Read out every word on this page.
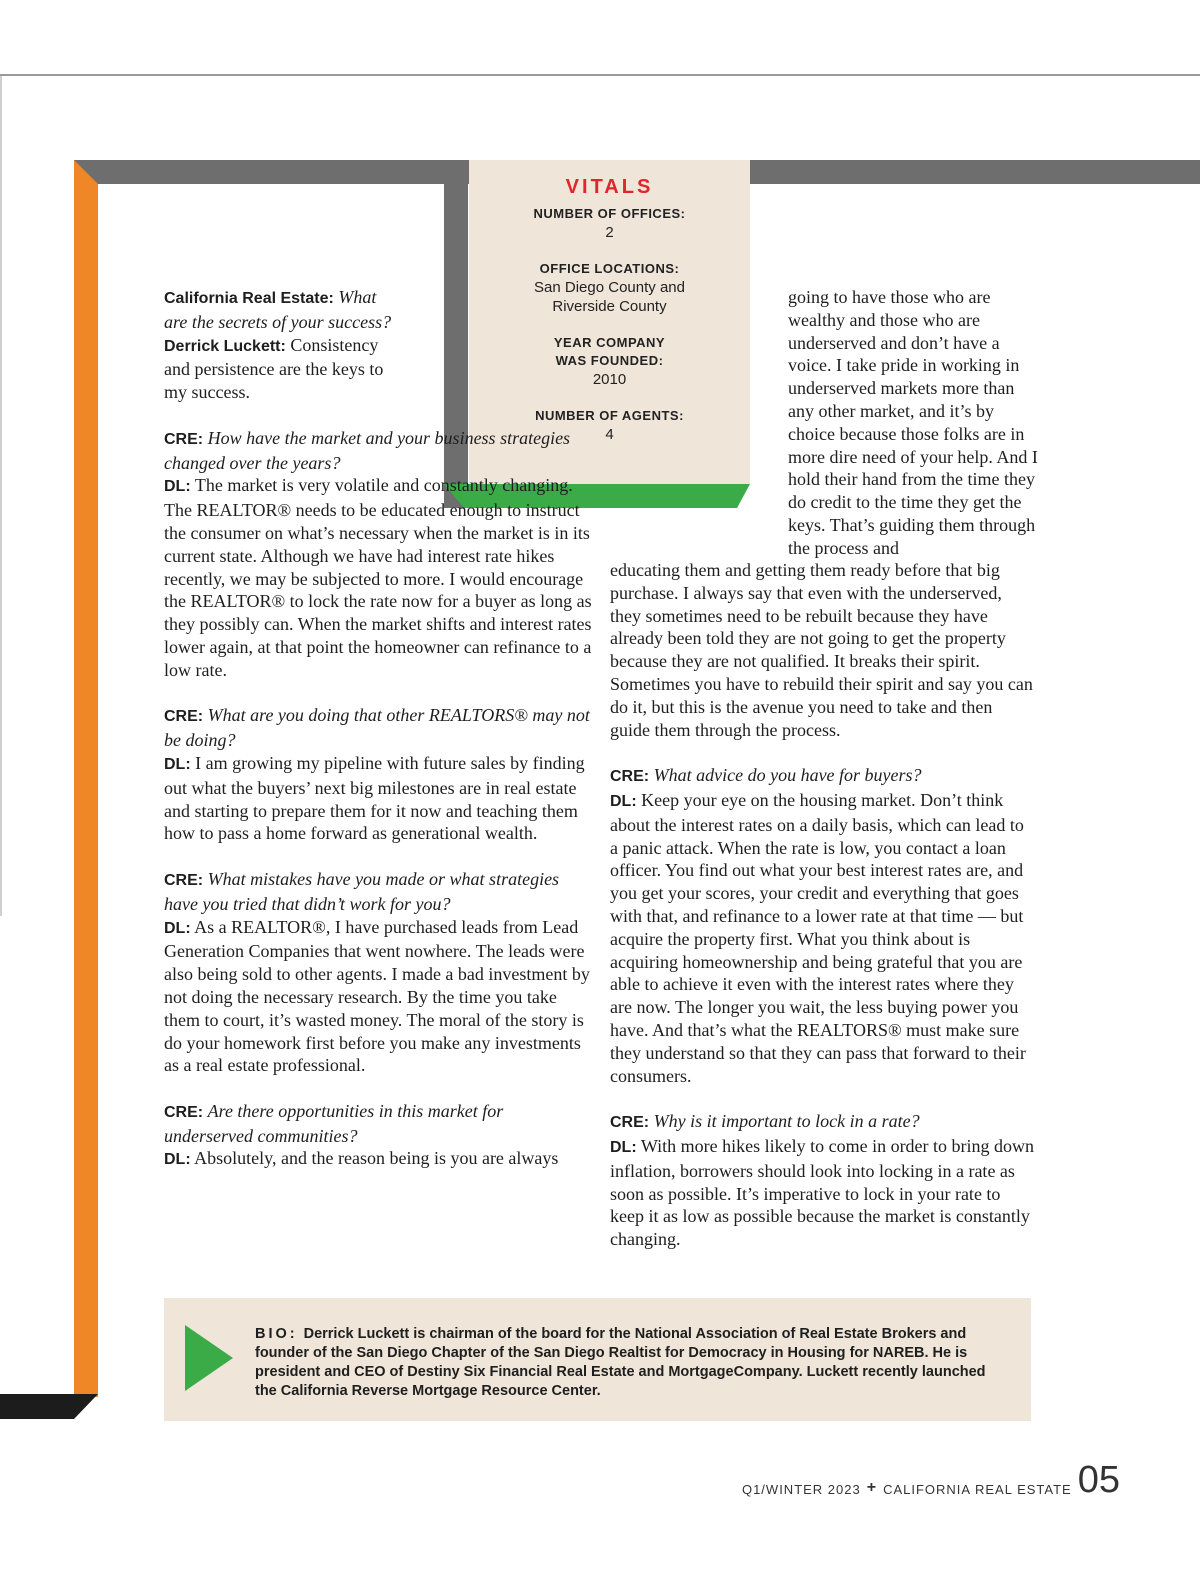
VITALS
NUMBER OF OFFICES:
2
OFFICE LOCATIONS:
San Diego County and
Riverside County
YEAR COMPANY
WAS FOUNDED:
2010
NUMBER OF AGENTS:
4

California Real Estate: What are the secrets of your success?
Derrick Luckett: Consistency and persistence are the keys to my success.

CRE: How have the market and your business strategies changed over the years?
DL: The market is very volatile and constantly changing. The REALTOR® needs to be educated enough to instruct the consumer on what’s necessary when the market is in its current state. Although we have had interest rate hikes recently, we may be subjected to more. I would encourage the REALTOR® to lock the rate now for a buyer as long as they possibly can. When the market shifts and interest rates lower again, at that point the homeowner can refinance to a low rate.

CRE: What are you doing that other REALTORS® may not be doing?
DL: I am growing my pipeline with future sales by finding out what the buyers’ next big milestones are in real estate and starting to prepare them for it now and teaching them how to pass a home forward as generational wealth.

CRE: What mistakes have you made or what strategies have you tried that didn’t work for you?
DL: As a REALTOR®, I have purchased leads from Lead Generation Companies that went nowhere. The leads were also being sold to other agents. I made a bad investment by not doing the necessary research. By the time you take them to court, it’s wasted money. The moral of the story is do your homework first before you make any investments as a real estate professional.

CRE: Are there opportunities in this market for underserved communities?
DL: Absolutely, and the reason being is you are always

going to have those who are wealthy and those who are underserved and don’t have a voice. I take pride in working in underserved markets more than any other market, and it’s by choice because those folks are in more dire need of your help. And I hold their hand from the time they do credit to the time they get the keys. That’s guiding them through the process and

educating them and getting them ready before that big purchase. I always say that even with the underserved, they sometimes need to be rebuilt because they have already been told they are not going to get the property because they are not qualified. It breaks their spirit. Sometimes you have to rebuild their spirit and say you can do it, but this is the avenue you need to take and then guide them through the process.

CRE: What advice do you have for buyers?
DL: Keep your eye on the housing market. Don’t think about the interest rates on a daily basis, which can lead to a panic attack. When the rate is low, you contact a loan officer. You find out what your best interest rates are, and you get your scores, your credit and everything that goes with that, and refinance to a lower rate at that time — but acquire the property first. What you think about is acquiring homeownership and being grateful that you are able to achieve it even with the interest rates where they are now. The longer you wait, the less buying power you have. And that’s what the REALTORS® must make sure they understand so that they can pass that forward to their consumers.

CRE: Why is it important to lock in a rate?
DL: With more hikes likely to come in order to bring down inflation, borrowers should look into locking in a rate as soon as possible. It’s imperative to lock in your rate to keep it as low as possible because the market is constantly changing.

BIO: Derrick Luckett is chairman of the board for the National Association of Real Estate Brokers and founder of the San Diego Chapter of the San Diego Realtist for Democracy in Housing for NAREB. He is president and CEO of Destiny Six Financial Real Estate and MortgageCompany. Luckett recently launched the California Reverse Mortgage Resource Center.
Q1/WINTER 2023 + CALIFORNIA REAL ESTATE 05
